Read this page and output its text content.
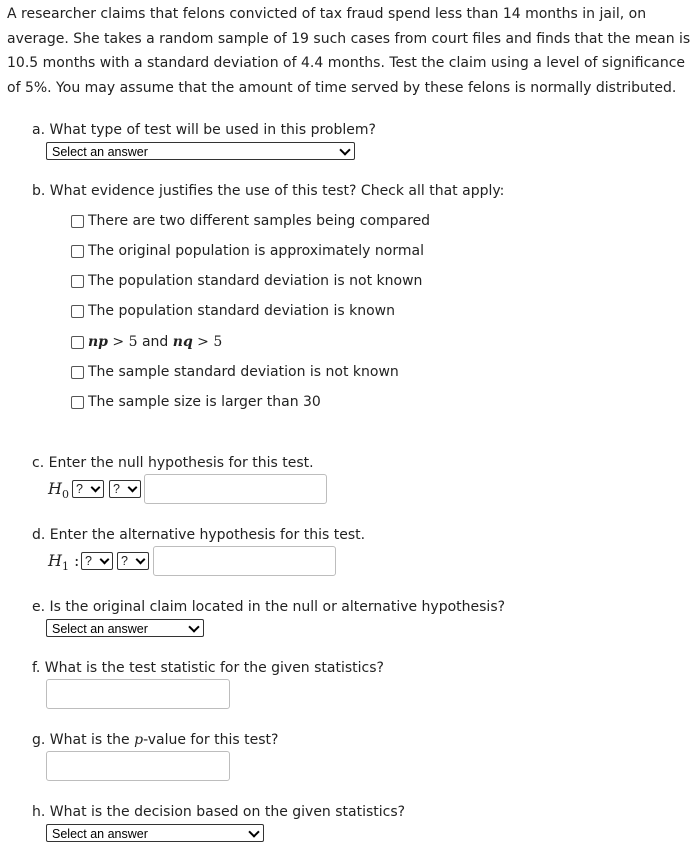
A researcher claims that felons convicted of tax fraud spend less than 14 months in jail, on average. She takes a random sample of 19 such cases from court files and finds that the mean is 10.5 months with a standard deviation of 4.4 months. Test the claim using a level of significance of 5%. You may assume that the amount of time served by these felons is normally distributed.
a. What type of test will be used in this problem?
Select an answer
b. What evidence justifies the use of this test? Check all that apply:
There are two different samples being compared
The original population is approximately normal
The population standard deviation is not known
The population standard deviation is known
np > 5 and nq > 5
The sample standard deviation is not known
The sample size is larger than 30
c. Enter the null hypothesis for this test.
$H_0$ ?	?
d. Enter the alternative hypothesis for this test.
$H_1$ : ?	?
e. Is the original claim located in the null or alternative hypothesis?
Select an answer
f. What is the test statistic for the given statistics?
g. What is the p-value for this test?
h. What is the decision based on the given statistics?
Select an answer
